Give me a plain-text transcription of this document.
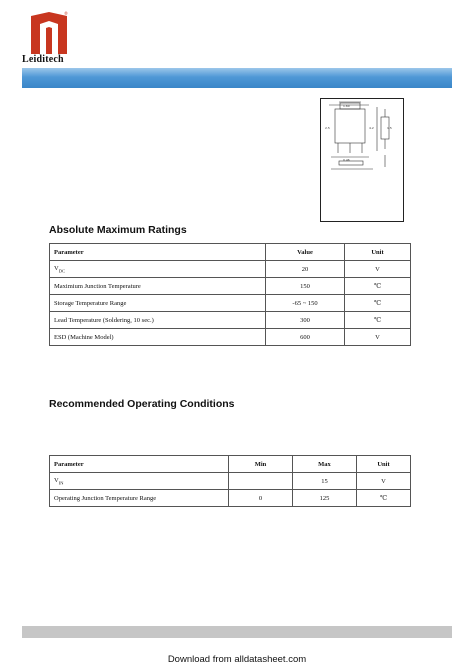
®
Leiditech
1.60
2.5	4.2
0.46
1.5
Absolute Maximum Ratings
Parameter	Value	Unit
$V_{DC}$	20	V
Maximium Junction Temperature	150	℃
Storage Temperature Range	-65 ~ 150	℃
Lead Temperature (Soldering, 10 sec.)	300	℃
ESD (Machine Model)	600	V
Recommended Operating Conditions
Parameter	Min	Max	Unit
$V_{IN}$		15	V
Operating Junction Temperature Range	0	125	℃
Download from alldatasheet.com
